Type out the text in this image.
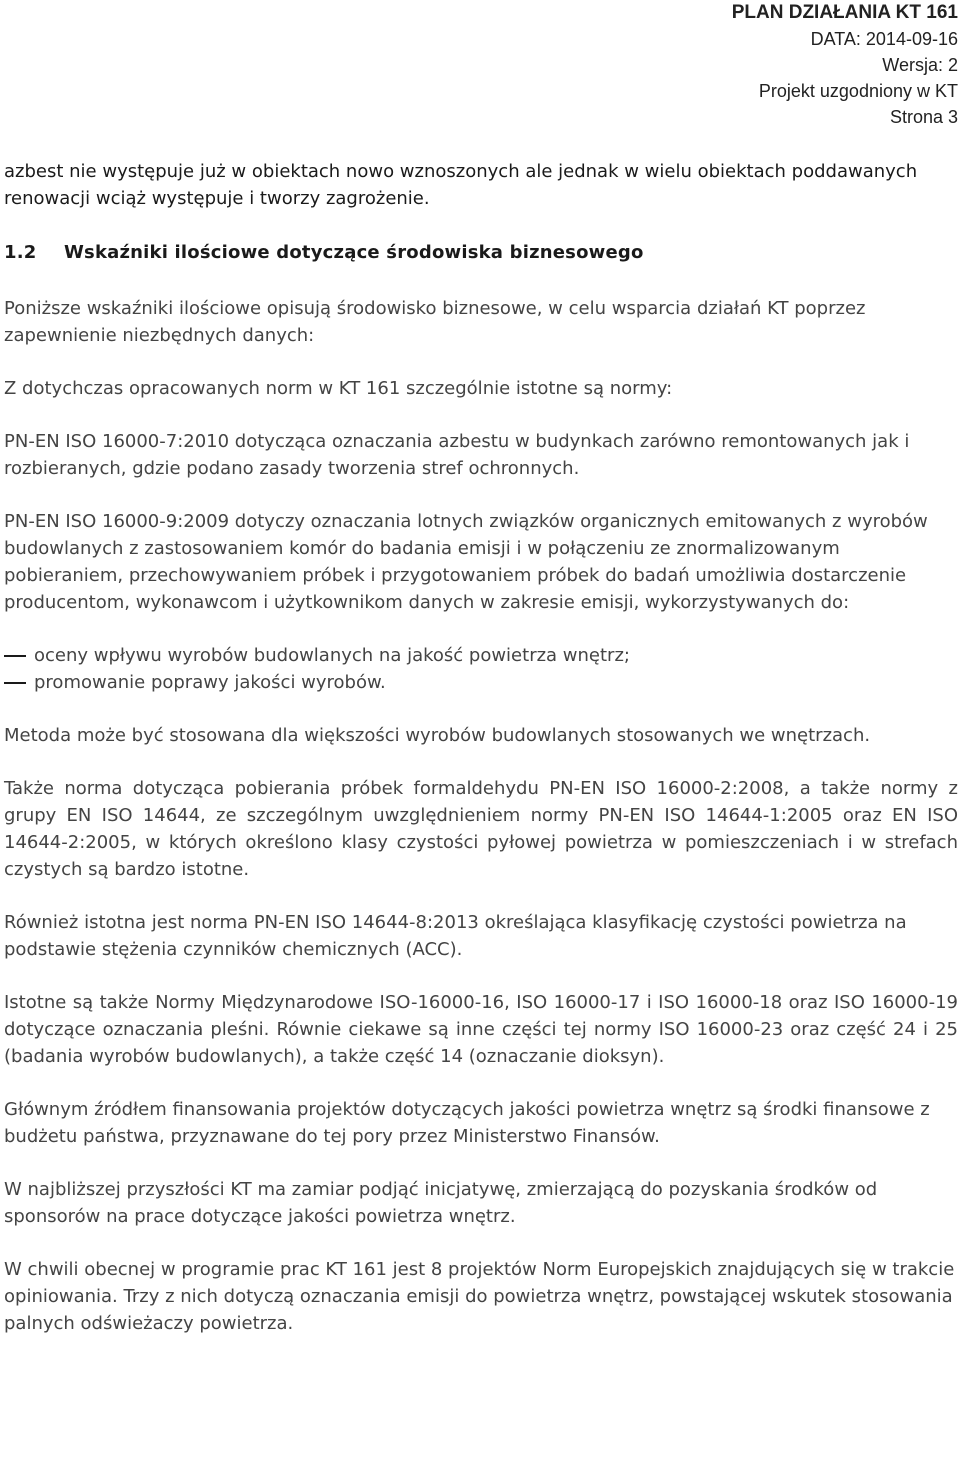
PLAN DZIAŁANIA KT 161
DATA: 2014-09-16
Wersja: 2
Projekt uzgodniony w KT
Strona 3

azbest nie występuje już w obiektach nowo wznoszonych ale jednak w wielu obiektach poddawanych renowacji wciąż występuje i tworzy zagrożenie.

1.2 Wskaźniki ilościowe dotyczące środowiska biznesowego

Poniższe wskaźniki ilościowe opisują środowisko biznesowe, w celu wsparcia działań KT poprzez zapewnienie niezbędnych danych:

Z dotychczas opracowanych norm w KT 161 szczególnie istotne są normy:

PN-EN ISO 16000-7:2010 dotycząca oznaczania azbestu w budynkach zarówno remontowanych jak i rozbieranych, gdzie podano zasady tworzenia stref ochronnych.

PN-EN ISO 16000-9:2009 dotyczy oznaczania lotnych związków organicznych emitowanych z wyrobów budowlanych z zastosowaniem komór do badania emisji i w połączeniu ze znormalizowanym pobieraniem, przechowywaniem próbek i przygotowaniem próbek do badań umożliwia dostarczenie producentom, wykonawcom i użytkownikom danych w zakresie emisji, wykorzystywanych do:

oceny wpływu wyrobów budowlanych na jakość powietrza wnętrz;

promowanie poprawy jakości wyrobów.

Metoda może być stosowana dla większości wyrobów budowlanych stosowanych we wnętrzach.

Także norma dotycząca pobierania próbek formaldehydu PN-EN ISO 16000-2:2008, a także normy z grupy EN ISO 14644, ze szczególnym uwzględnieniem normy PN-EN ISO 14644-1:2005 oraz EN ISO 14644-2:2005, w których określono klasy czystości pyłowej powietrza w pomieszczeniach i w strefach czystych są bardzo istotne.

Również istotna jest norma PN-EN ISO 14644-8:2013 określająca klasyfikację czystości powietrza na podstawie stężenia czynników chemicznych (ACC).

Istotne są także Normy Międzynarodowe ISO-16000-16, ISO 16000-17 i ISO 16000-18 oraz ISO 16000-19 dotyczące oznaczania pleśni. Równie ciekawe są inne części tej normy ISO 16000-23 oraz część 24 i 25 (badania wyrobów budowlanych), a także część 14 (oznaczanie dioksyn).

Głównym źródłem finansowania projektów dotyczących jakości powietrza wnętrz są środki finansowe z budżetu państwa, przyznawane do tej pory przez Ministerstwo Finansów.

W najbliższej przyszłości KT ma zamiar podjąć inicjatywę, zmierzającą do pozyskania środków od sponsorów na prace dotyczące jakości powietrza wnętrz.

W chwili obecnej w programie prac KT 161 jest 8 projektów Norm Europejskich znajdujących się w trakcie opiniowania. Trzy z nich dotyczą oznaczania emisji do powietrza wnętrz, powstającej wskutek stosowania palnych odświeżaczy powietrza.
